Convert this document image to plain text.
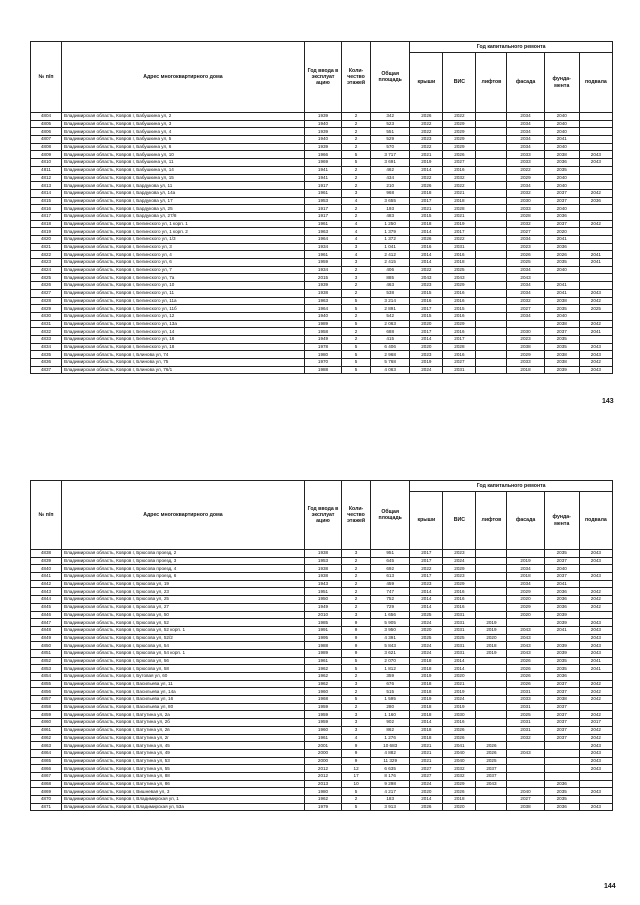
№ п/п	Адрес многоквартирного дома	Год ввода в эксплуат ацию	Коли-чество этажей	Общая площадь	Год капитального ремонта					
					крыши	ВИС	лифтов	фасада	фунда-мента	подвала
4804	Владимирская область, Ковров г, Бабушкина ул, 2	1939	2	342	2026	2022		2034	2040	
4805	Владимирская область, Ковров г, Бабушкина ул, 3	1940	2	523	2022	2029		2034	2040	
4806	Владимирская область, Ковров г, Бабушкина ул, 4	1939	2	551	2022	2029		2034	2040	
4807	Владимирская область, Ковров г, Бабушкина ул, 5	1940	2	529	2023	2029		2034	2041	
4808	Владимирская область, Ковров г, Бабушкина ул, 6	1939	2	570	2022	2029		2034	2040	
4809	Владимирская область, Ковров г, Бабушкина ул, 10	1966	5	3 717	2021	2026		2033	2038	2043
4810	Владимирская область, Ковров г, Бабушкина ул, 11	1969	5	3 691	2019	2027		2033	2036	2043
4811	Владимирская область, Ковров г, Бабушкина ул, 14	1941	2	462	2014	2016		2022	2035	
4812	Владимирская область, Ковров г, Бабушкина ул, 15	1941	2	434	2022	2032		2029	2040	
4813	Владимирская область, Ковров г, Бардукова ул, 11	1917	2	210	2026	2022		2034	2040	
4814	Владимирская область, Ковров г, Бардукова ул, 14а	1961	3	968	2018	2021		2032	2037	2042
4815	Владимирская область, Ковров г, Бардукова ул, 17	1953	4	3 655	2017	2018		2030	2037	2036
4816	Владимирская область, Ковров г, Бардукова ул, 25	1917	2	193	2021	2028		2033	2040	
4817	Владимирская область, Ковров г, Бардукова ул, 27/8	1917	2	483	2015	2021		2028	2036	
4818	Владимирская область, Ковров г, Белинского ул, 1 корп. 1	1961	4	1 250	2018	2019		2032	2037	2042
4819	Владимирская область, Ковров г, Белинского ул, 1 корп. 2	1963	4	1 379	2014	2017		2027	2020	
4820	Владимирская область, Ковров г, Белинского ул, 1/3	1964	4	1 372	2026	2022		2034	2041	
4821	Владимирская область, Ковров г, Белинского ул, 3	1934	3	1 041	2016	2031		2023	2036	
4822	Владимирская область, Ковров г, Белинского ул, 4	1961	4	2 412	2014	2016		2026	2026	2041
4823	Владимирская область, Ковров г, Белинского ул, 6	1959	3	2 415	2014	2018		2025	2035	2041
4824	Владимирская область, Ковров г, Белинского ул, 7	1934	2	406	2022	2025		2034	2040	
4825	Владимирская область, Ковров г, Белинского ул, 7а	2015	3	885	2043	2043		2043		
4826	Владимирская область, Ковров г, Белинского ул, 10	1939	2	463	2023	2029		2034	2041	
4827	Владимирская область, Ковров г, Белинского ул, 11	1938	2	538	2015	2016		2034	2041	2043
4828	Владимирская область, Ковров г, Белинского ул, 11а	1963	5	3 214	2016	2016		2032	2038	2042
4829	Владимирская область, Ковров г, Белинского ул, 11б	1964	5	2 891	2017	2015		2027	2035	2025
4830	Владимирская область, Ковров г, Белинского ул, 12	1940	2	542	2015	2016		2034	2040	
4831	Владимирская область, Ковров г, Белинского ул, 13а	1989	5	2 063	2020	2029			2038	2042
4832	Владимирская область, Ковров г, Белинского ул, 14	1958	2	688	2017	2016		2030	2037	2041
4833	Владимирская область, Ковров г, Белинского ул, 16	1949	2	415	2014	2017		2023	2035	
4834	Владимирская область, Ковров г, Белинского ул, 18	1978	5	6 406	2020	2028		2038	2035	2043
4835	Владимирская область, Ковров г, Блинова ул, 74	1980	5	2 968	2023	2016		2029	2038	2043
4836	Владимирская область, Ковров г, Блинова ул, 75	1970	5	5 768	2019	2027		2033	2038	2042
4837	Владимирская область, Ковров г, Блинова ул, 76/1	1988	5	4 063	2024	2031		2018	2039	2043
143
№ п/п	Адрес многоквартирного дома	Год ввода в эксплуат ацию	Коли-чество этажей	Общая площадь	Год капитального ремонта					
					крыши	ВИС	лифтов	фасада	фунда-мента	подвала
4838	Владимирская область, Ковров г, Брюсова проезд, 2	1938	3	951	2017	2023			2035	2043
4839	Владимирская область, Ковров г, Брюсова проезд, 3	1953	2	645	2017	2024		2019	2037	2043
4840	Владимирская область, Ковров г, Брюсова проезд, 4	1938	2	692	2022	2029		2034	2040	
4841	Владимирская область, Ковров г, Брюсова проезд, 6	1938	2	613	2017	2023		2018	2037	2043
4842	Владимирская область, Ковров г, Брюсова ул, 19	1943	2	459	2023	2029		2034	2041	
4843	Владимирская область, Ковров г, Брюсова ул, 23	1951	2	747	2014	2016		2029	2036	2042
4844	Владимирская область, Ковров г, Брюсова ул, 25	1950	2	752	2014	2016		2020	2036	2042
4845	Владимирская область, Ковров г, Брюсова ул, 27	1949	2	729	2014	2016		2029	2036	2042
4846	Владимирская область, Ковров г, Брюсова ул, 50	2010	3	1 656	2025	2031		2020	2039	
4847	Владимирская область, Ковров г, Брюсова ул, 52	1985	9	5 905	2024	2031	2019		2039	2043
4848	Владимирская область, Ковров г, Брюсова ул, 52 корп. 1	1991	9	3 950	2020	2031	2019	2043	2041	2043
4849	Владимирская область, Ковров г, Брюсова ул, 52/2	1995	9	4 391	2025	2025	2020	2043		2043
4850	Владимирская область, Ковров г, Брюсова ул, 54	1988	9	5 843	2024	2031	2018	2043	2039	2043
4851	Владимирская область, Ковров г, Брюсова ул, 54 корп. 1	1989	9	3 621	2024	2031	2019	2043	2039	2043
4852	Владимирская область, Ковров г, Брюсова ул, 56	1961	5	2 070	2018	2014		2026	2035	2041
4853	Владимирская область, Ковров г, Брюсова ул, 58	1962	5	1 812	2018	2014		2026	2035	2041
4854	Владимирская область, Ковров г, Бутовая ул, 60	1962	2	359	2019	2020		2026	2036	
4855	Владимирская область, Ковров г, Васильева ул, 11	1962	3	676	2018	2021		2026	2037	2042
4856	Владимирская область, Ковров г, Васильева ул, 14а	1960	2	515	2018	2019		2031	2037	2042
4857	Владимирская область, Ковров г, Васильева ул, 16	1968	5	1 595	2019	2024		2033	2038	2042
4858	Владимирская область, Ковров г, Васильева ул, 80	1959	2	280	2018	2019		2031	2037	
4859	Владимирская область, Ковров г, Ватутина ул, 2а	1959	3	1 160	2018	2030		2025	2037	2042
4860	Владимирская область, Ковров г, Ватутина ул, 2б	1959	3	902	2014	2016		2031	2037	2017
4861	Владимирская область, Ковров г, Ватутина ул, 2в	1960	3	862	2018	2026		2031	2037	2042
4862	Владимирская область, Ковров г, Ватутина ул, 2г	1961	4	1 276	2018	2026		2032	2037	2042
4863	Владимирская область, Ковров г, Ватутина ул, 45	2001	9	10 683	2021	2041	2026			2043
4864	Владимирская область, Ковров г, Ватутина ул, 49	2000	9	4 882	2021	2040	2026	2043		2043
4865	Владимирская область, Ковров г, Ватутина ул, 53	2000	9	11 329	2021	2040	2025			2043
4866	Владимирская область, Ковров г, Ватутина ул, 55	2012	12	6 635	2027	2032	2037			2043
4867	Владимирская область, Ковров г, Ватутина ул, 88	2012	17	8 176	2027	2032	2037			
4868	Владимирская область, Ковров г, Ватутина ул, 86	2013	10	9 298	2024	2029	2043		2036	
4869	Владимирская область, Ковров г, Вишневая ул, 3	1980	5	4 217	2020	2026		2040	2035	2043
4870	Владимирская область, Ковров г, Владимирская ул, 1	1962	2	183	2014	2018		2027	2035	
4871	Владимирская область, Ковров г, Владимирская ул, 53а	1979	5	3 913	2026	2020		2038	2036	2043
144
